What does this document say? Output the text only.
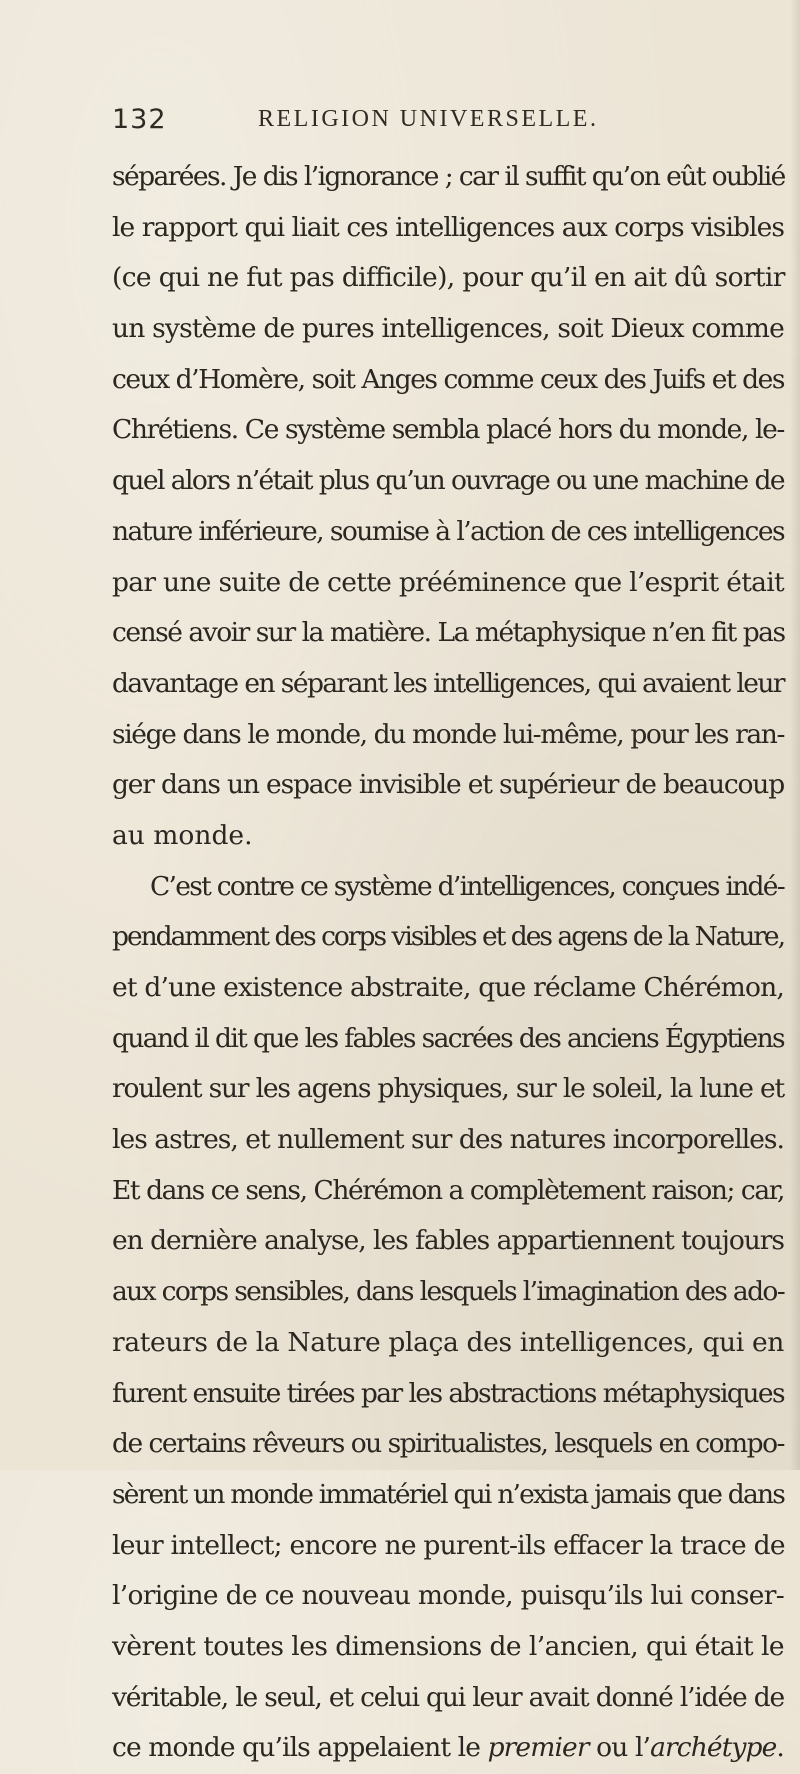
132	RELIGION UNIVERSELLE.
séparées. Je dis l’ignorance ; car il suffit qu’on eût oublié
le rapport qui liait ces intelligences aux corps visibles
(ce qui ne fut pas difficile), pour qu’il en ait dû sortir
un système de pures intelligences, soit Dieux comme
ceux d’Homère, soit Anges comme ceux des Juifs et des
Chrétiens. Ce système sembla placé hors du monde, le-
quel alors n’était plus qu’un ouvrage ou une machine de
nature inférieure, soumise à l’action de ces intelligences
par une suite de cette prééminence que l’esprit était
censé avoir sur la matière. La métaphysique n’en fit pas
davantage en séparant les intelligences, qui avaient leur
siége dans le monde, du monde lui-même, pour les ran-
ger dans un espace invisible et supérieur de beaucoup
au monde.
C’est contre ce système d’intelligences, conçues indé-
pendamment des corps visibles et des agens de la Nature,
et d’une existence abstraite, que réclame Chérémon,
quand il dit que les fables sacrées des anciens Égyptiens
roulent sur les agens physiques, sur le soleil, la lune et
les astres, et nullement sur des natures incorporelles.
Et dans ce sens, Chérémon a complètement raison; car,
en dernière analyse, les fables appartiennent toujours
aux corps sensibles, dans lesquels l’imagination des ado-
rateurs de la Nature plaça des intelligences, qui en
furent ensuite tirées par les abstractions métaphysiques
de certains rêveurs ou spiritualistes, lesquels en compo-
sèrent un monde immatériel qui n’exista jamais que dans
leur intellect; encore ne purent-ils effacer la trace de
l’origine de ce nouveau monde, puisqu’ils lui conser-
vèrent toutes les dimensions de l’ancien, qui était le
véritable, le seul, et celui qui leur avait donné l’idée de
ce monde qu’ils appelaient le premier ou l’archétype.
